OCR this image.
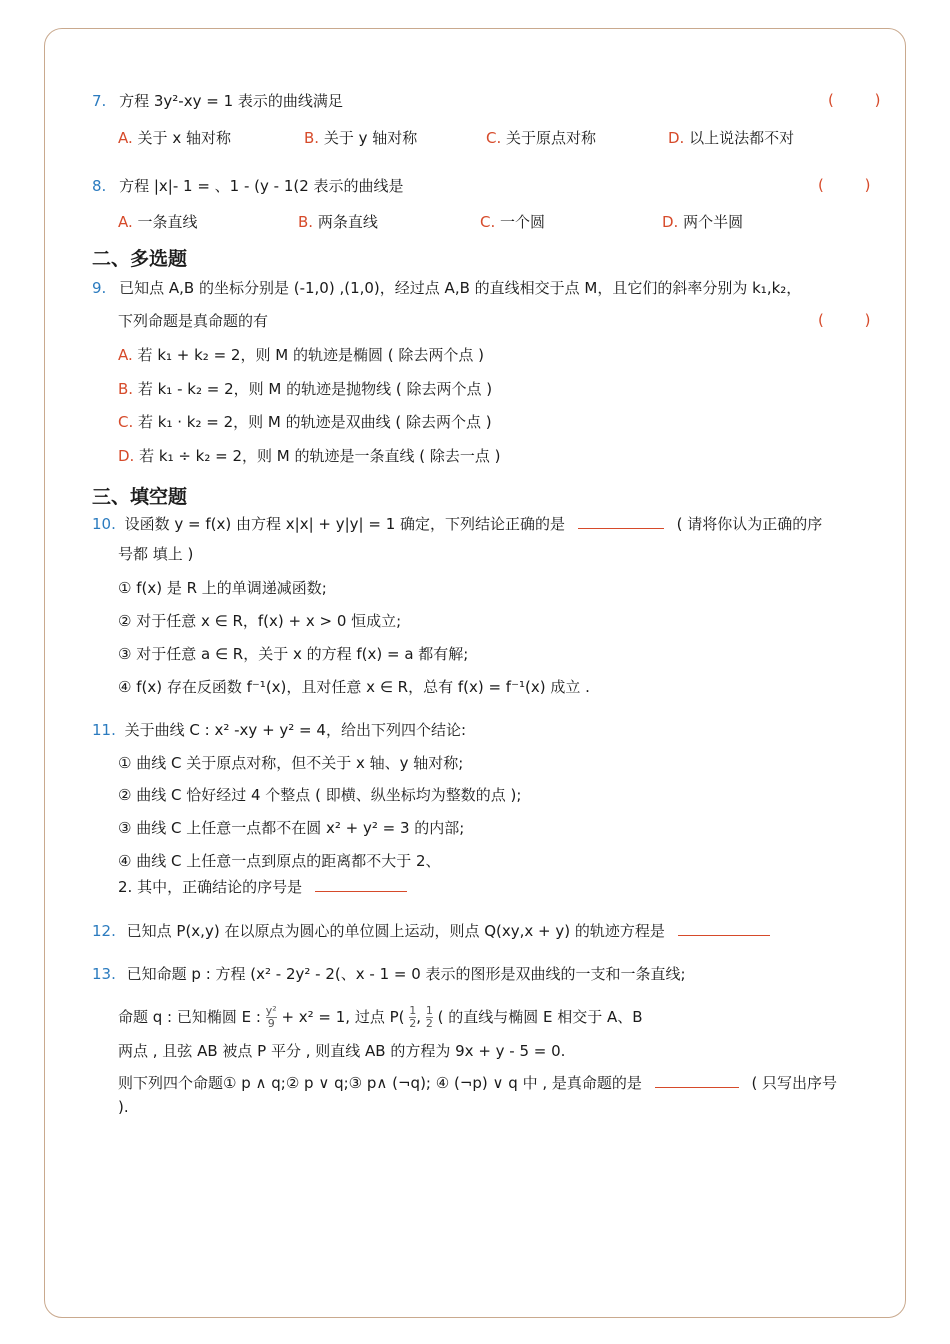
7. 方程 3y²-xy = 1 表示的曲线满足	( )
A. 关于 x 轴对称	B. 关于 y 轴对称	C. 关于原点对称	D. 以上说法都不对
8. 方程 |x|- 1 = 、1 - (y - 1(2 表示的曲线是	( )
A. 一条直线	B. 两条直线	C. 一个圆	D. 两个半圆
二、多选题
9. 已知点 A,B 的坐标分别是 (-1,0) ,(1,0)，经过点 A,B 的直线相交于点 M，且它们的斜率分别为 k₁,k₂，
下列命题是真命题的有	( )
A. 若 k₁ + k₂ = 2，则 M 的轨迹是椭圆 ( 除去两个点 )
B. 若 k₁ - k₂ = 2，则 M 的轨迹是抛物线 ( 除去两个点 )
C. 若 k₁ · k₂ = 2，则 M 的轨迹是双曲线 ( 除去两个点 )
D. 若 k₁ ÷ k₂ = 2，则 M 的轨迹是一条直线 ( 除去一点 )
三、填空题
10. 设函数 y = f(x) 由方程 x|x| + y|y| = 1 确定，下列结论正确的是	( 请将你认为正确的序
号都 填上 )
① f(x) 是 R 上的单调递减函数;
② 对于任意 x ∈ R，f(x) + x > 0 恒成立;
③ 对于任意 a ∈ R，关于 x 的方程 f(x) = a 都有解;
④ f(x) 存在反函数 f⁻¹(x)，且对任意 x ∈ R，总有 f(x) = f⁻¹(x) 成立 .
11. 关于曲线 C : x² -xy + y² = 4，给出下列四个结论:
① 曲线 C 关于原点对称，但不关于 x 轴、y 轴对称;
② 曲线 C 恰好经过 4 个整点 ( 即横、纵坐标均为整数的点 );
③ 曲线 C 上任意一点都不在圆 x² + y² = 3 的内部;
④ 曲线 C 上任意一点到原点的距离都不大于 2、
2. 其中，正确结论的序号是
12. 已知点 P(x,y) 在以原点为圆心的单位圆上运动，则点 Q(xy,x + y) 的轨迹方程是
13. 已知命题 p : 方程 (x² - 2y² - 2(、x - 1 = 0 表示的图形是双曲线的一支和一条直线;
命题 q : 已知椭圆 E : $\frac{\text{y²}}{9} + x^2 = 1$, 过点 $P( \frac{1}{2}$ , $\frac{1}{2}$ ( 的直线与椭圆 E 相交于 A、B
两点 , 且弦 AB 被点 P 平分 , 则直线 AB 的方程为 9x + y - 5 = 0.
则下列四个命题① p ∧ q;② p ∨ q;③ p∧ (¬q); ④ (¬p) ∨ q 中 , 是真命题的是	( 只写出序号
).
